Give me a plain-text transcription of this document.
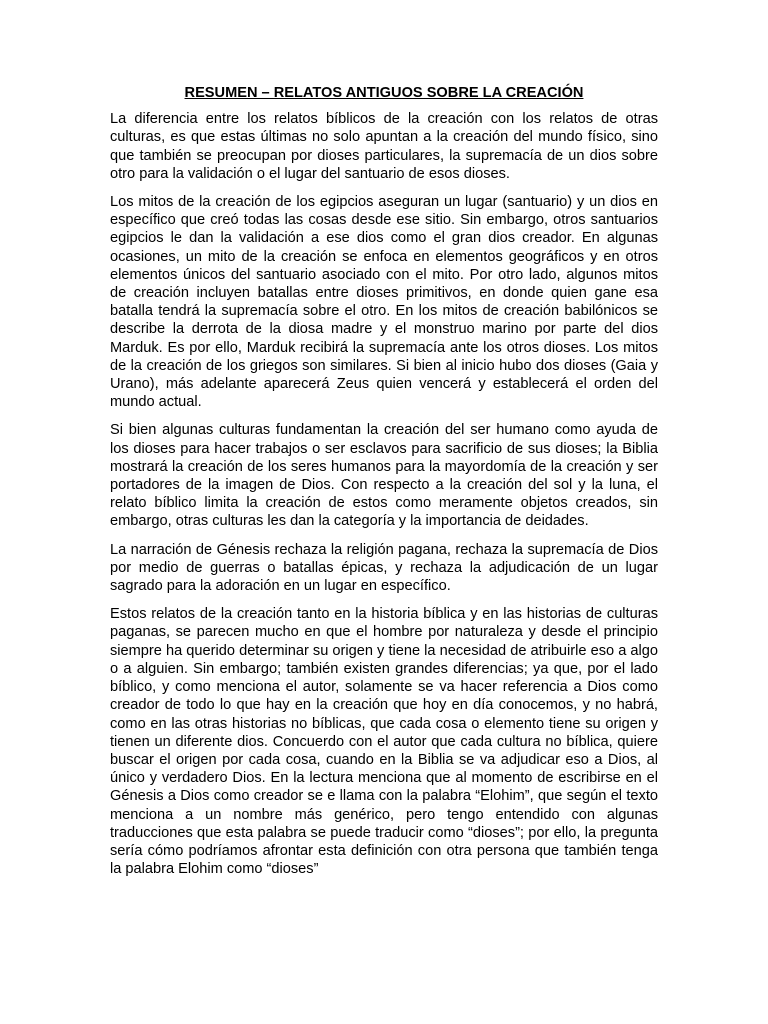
RESUMEN – RELATOS ANTIGUOS SOBRE LA CREACIÓN

La diferencia entre los relatos bíblicos de la creación con los relatos de otras culturas, es que estas últimas no solo apuntan a la creación del mundo físico, sino que también se preocupan por dioses particulares, la supremacía de un dios sobre otro para la validación o el lugar del santuario de esos dioses.

Los mitos de la creación de los egipcios aseguran un lugar (santuario) y un dios en específico que creó todas las cosas desde ese sitio. Sin embargo, otros santuarios egipcios le dan la validación a ese dios como el gran dios creador. En algunas ocasiones, un mito de la creación se enfoca en elementos geográficos y en otros elementos únicos del santuario asociado con el mito. Por otro lado, algunos mitos de creación incluyen batallas entre dioses primitivos, en donde quien gane esa batalla tendrá la supremacía sobre el otro. En los mitos de creación babilónicos se describe la derrota de la diosa madre y el monstruo marino por parte del dios Marduk. Es por ello, Marduk recibirá la supremacía ante los otros dioses. Los mitos de la creación de los griegos son similares. Si bien al inicio hubo dos dioses (Gaia y Urano), más adelante aparecerá Zeus quien vencerá y establecerá el orden del mundo actual.

Si bien algunas culturas fundamentan la creación del ser humano como ayuda de los dioses para hacer trabajos o ser esclavos para sacrificio de sus dioses; la Biblia mostrará la creación de los seres humanos para la mayordomía de la creación y ser portadores de la imagen de Dios. Con respecto a la creación del sol y la luna, el relato bíblico limita la creación de estos como meramente objetos creados, sin embargo, otras culturas les dan la categoría y la importancia de deidades.

La narración de Génesis rechaza la religión pagana, rechaza la supremacía de Dios por medio de guerras o batallas épicas, y rechaza la adjudicación de un lugar sagrado para la adoración en un lugar en específico.

Estos relatos de la creación tanto en la historia bíblica y en las historias de culturas paganas, se parecen mucho en que el hombre por naturaleza y desde el principio siempre ha querido determinar su origen y tiene la necesidad de atribuirle eso a algo o a alguien. Sin embargo; también existen grandes diferencias; ya que, por el lado bíblico, y como menciona el autor, solamente se va hacer referencia a Dios como creador de todo lo que hay en la creación que hoy en día conocemos, y no habrá, como en las otras historias no bíblicas, que cada cosa o elemento tiene su origen y tienen un diferente dios. Concuerdo con el autor que cada cultura no bíblica, quiere buscar el origen por cada cosa, cuando en la Biblia se va adjudicar eso a Dios, al único y verdadero Dios. En la lectura menciona que al momento de escribirse en el Génesis a Dios como creador se e llama con la palabra “Elohim”, que según el texto menciona a un nombre más genérico, pero tengo entendido con algunas traducciones que esta palabra se puede traducir como “dioses”; por ello, la pregunta sería cómo podríamos afrontar esta definición con otra persona que también tenga la palabra Elohim como “dioses”
